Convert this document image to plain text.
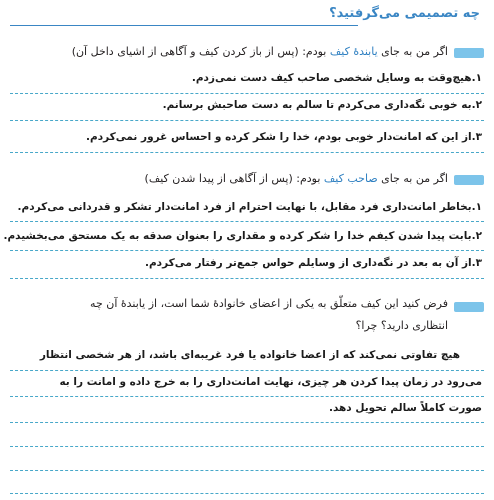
چه تصمیمی می‌گرفتید؟
اگر من به جای یابندهٔ کیف بودم: (پس از باز کردن کیف و آگاهی از اشیای داخل آن)
۱.هیچ‌وقت به وسایل شخصی صاحب کیف دست نمی‌زدم.
۲.به خوبی نگه‌داری می‌کردم تا سالم به دست صاحبش برسانم.
۳.از این که امانت‌دار خوبی بودم، خدا را شکر کرده و احساس غرور نمی‌کردم.
اگر من به جای صاحب کیف بودم: (پس از آگاهی از پیدا شدن کیف)
۱.بخاطر امانت‌داری فرد مقابل، با نهایت احترام از فرد امانت‌دار تشکر و قدردانی می‌کردم.
۲.بابت پیدا شدن کیفم خدا را شکر کرده و مقداری را بعنوان صدقه به یک مستحق می‌بخشیدم.
۳.از آن به بعد در نگه‌داری از وسایلم حواس جمع‌تر رفتار می‌کردم.
فرض کنید این کیف متعلّق به یکی از اعضای خانوادهٔ شما است، از یابندهٔ آن چه
انتظاری دارید؟ چرا؟
هیچ تفاوتی نمی‌کند که از اعضا خانواده یا فرد غریبه‌ای باشد، از هر شخصی انتظار
می‌رود در زمان پیدا کردن هر چیزی، نهایت امانت‌داری را به خرج داده و امانت را به
صورت کاملاً سالم تحویل دهد.
